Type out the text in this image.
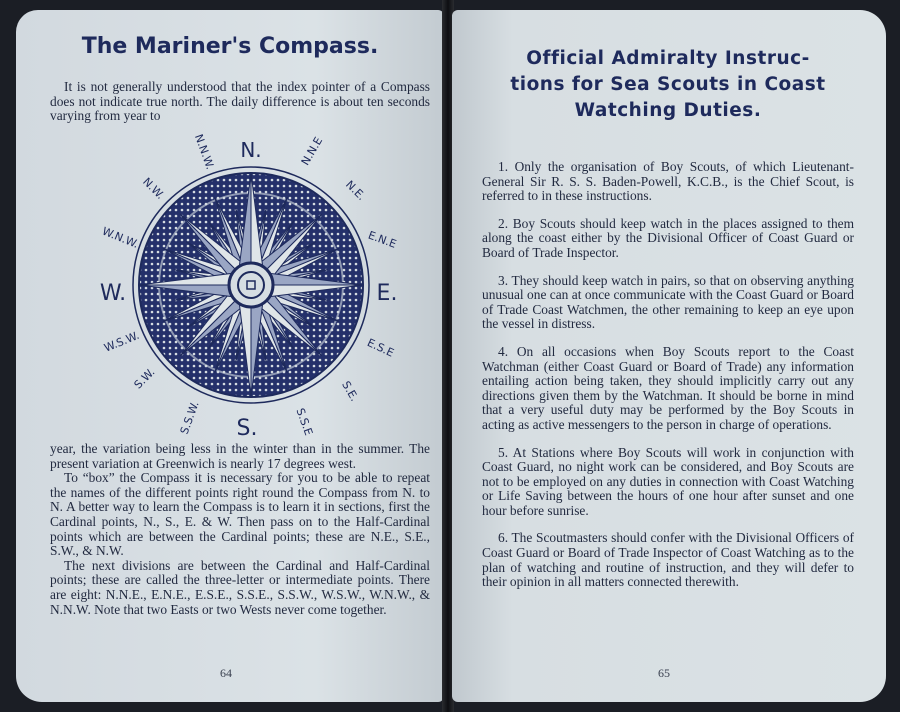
The Mariner's Compass.

It is not generally understood that the index pointer of a Compass does not indicate true north. The daily difference is about ten seconds varying from year to

N.
E.
S.
W.
N.N.E
N.E.
E.N.E
E.S.E
S.E.
S.S.E
S.S.W.
S.W.
W.S.W.
W.N.W.
N.W.
N.N.W.

year, the variation being less in the winter than in the summer. The present variation at Greenwich is nearly 17 degrees west.

To “box” the Compass it is necessary for you to be able to repeat the names of the different points right round the Compass from N. to N. A better way to learn the Compass is to learn it in sections, first the Cardinal points, N., S., E. & W. Then pass on to the Half-Cardinal points which are between the Cardinal points; these are N.E., S.E., S.W., & N.W.

The next divisions are between the Cardinal and Half-Cardinal points; these are called the three-letter or intermediate points. There are eight: N.N.E., E.N.E., E.S.E., S.S.E., S.S.W., W.S.W., W.N.W., & N.N.W. Note that two Easts or two Wests never come together.

64
Official Admiralty Instruc-
tions for Sea Scouts in Coast
Watching Duties.

1. Only the organisation of Boy Scouts, of which Lieutenant-General Sir R. S. S. Baden-Powell, K.C.B., is the Chief Scout, is referred to in these instructions.

2. Boy Scouts should keep watch in the places assigned to them along the coast either by the Divisional Officer of Coast Guard or Board of Trade Inspector.

3. They should keep watch in pairs, so that on observing anything unusual one can at once communicate with the Coast Guard or Board of Trade Coast Watchmen, the other remaining to keep an eye upon the vessel in distress.

4. On all occasions when Boy Scouts report to the Coast Watchman (either Coast Guard or Board of Trade) any information entailing action being taken, they should implicitly carry out any directions given them by the Watchman. It should be borne in mind that a very useful duty may be performed by the Boy Scouts in acting as active messengers to the person in charge of operations.

5. At Stations where Boy Scouts will work in conjunction with Coast Guard, no night work can be considered, and Boy Scouts are not to be employed on any duties in connection with Coast Watching or Life Saving between the hours of one hour after sunset and one hour before sunrise.

6. The Scoutmasters should confer with the Divisional Officers of Coast Guard or Board of Trade Inspector of Coast Watching as to the plan of watching and routine of instruction, and they will defer to their opinion in all matters connected therewith.

65
